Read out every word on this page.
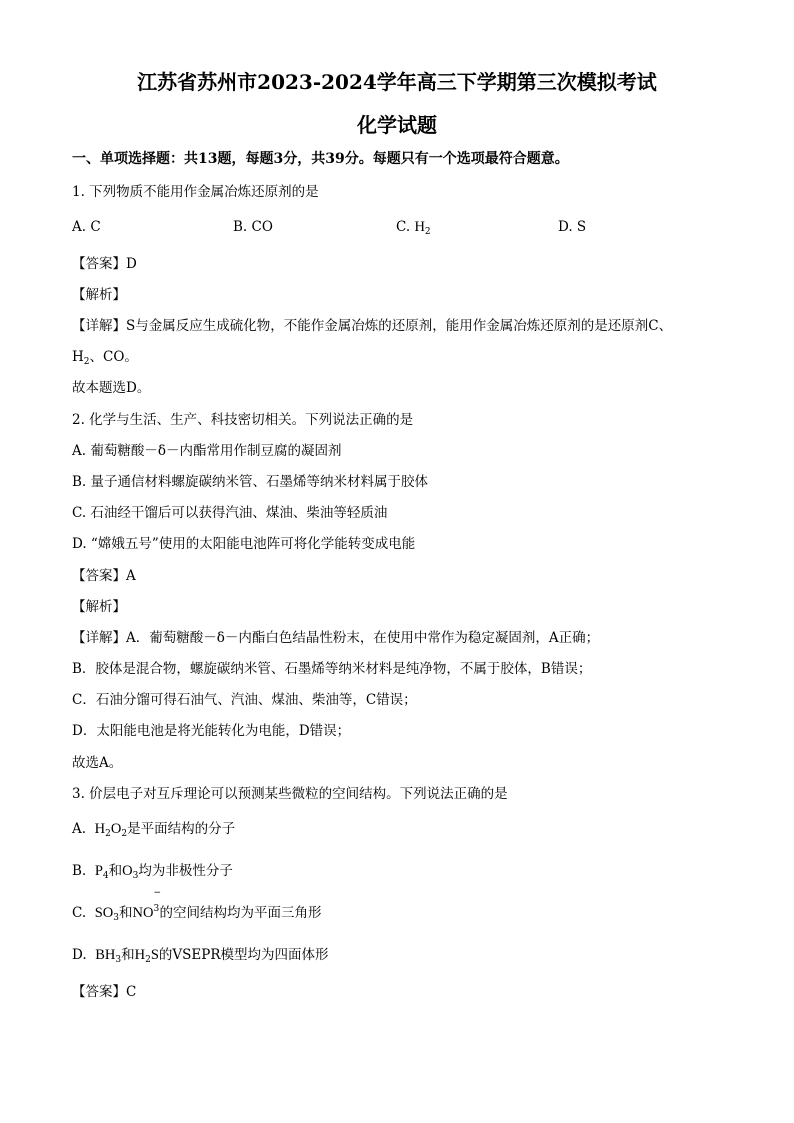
江苏省苏州市2023-2024学年高三下学期第三次模拟考试
化学试题
一、单项选择题：共13题，每题3分，共39分。每题只有一个选项最符合题意。
1. 下列物质不能用作金属冶炼还原剂的是
A. C	B. CO	C. $H_2$	D. S
【答案】D
【解析】
【详解】S与金属反应生成硫化物，不能作金属冶炼的还原剂，能用作金属冶炼还原剂的是还原剂C、
$H_2$、CO。
故本题选D。
2. 化学与生活、生产、科技密切相关。下列说法正确的是
A. 葡萄糖酸－δ－内酯常用作制豆腐的凝固剂
B. 量子通信材料螺旋碳纳米管、石墨烯等纳米材料属于胶体
C. 石油经干馏后可以获得汽油、煤油、柴油等轻质油
D. “嫦娥五号”使用的太阳能电池阵可将化学能转变成电能
【答案】A
【解析】
【详解】A．葡萄糖酸－δ－内酯白色结晶性粉末，在使用中常作为稳定凝固剂，A正确；
B．胶体是混合物，螺旋碳纳米管、石墨烯等纳米材料是纯净物，不属于胶体，B错误；
C．石油分馏可得石油气、汽油、煤油、柴油等，C错误；
D．太阳能电池是将光能转化为电能，D错误；
故选A。
3. 价层电子对互斥理论可以预测某些微粒的空间结构。下列说法正确的是
A. $H_2O_2$是平面结构的分子
B. $P_4$和$O_3$均为非极性分子
C. $SO_3$和NO
−
3 的空间结构均为平面三角形
D. $BH_3$和$H_2S$的VSEPR模型均为四面体形
【答案】C
